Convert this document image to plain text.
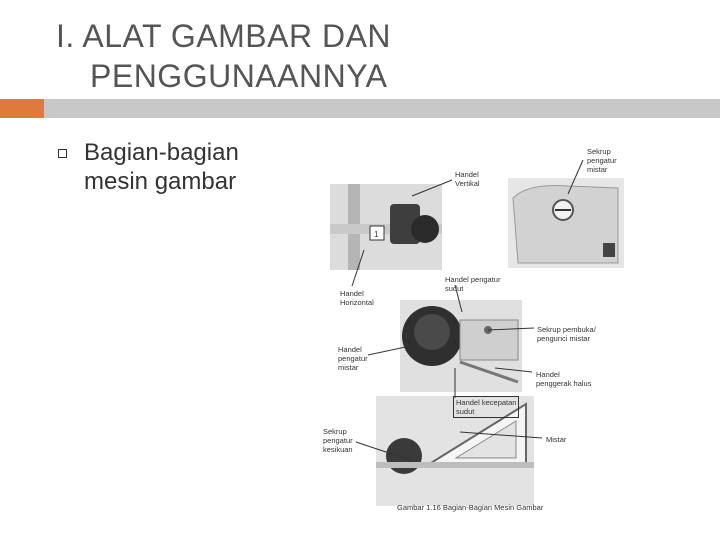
I. ALAT GAMBAR DAN
PENGGUNAANNYA
Bagian-bagian mesin gambar
1
Handel
Vertikal
Sekrup
pengatur
mistar
Handel pengatur
sudut
Handel
Horizontal
Sekrup pembuka/
pengunci mistar
Handel
pengatur
mistar
Handel
penggerak halus
Handel kecepatan
sudut
Sekrup
pengatur
kesikuan
Mistar
Gambar 1.16 Bagian-Bagian Mesin Gambar
